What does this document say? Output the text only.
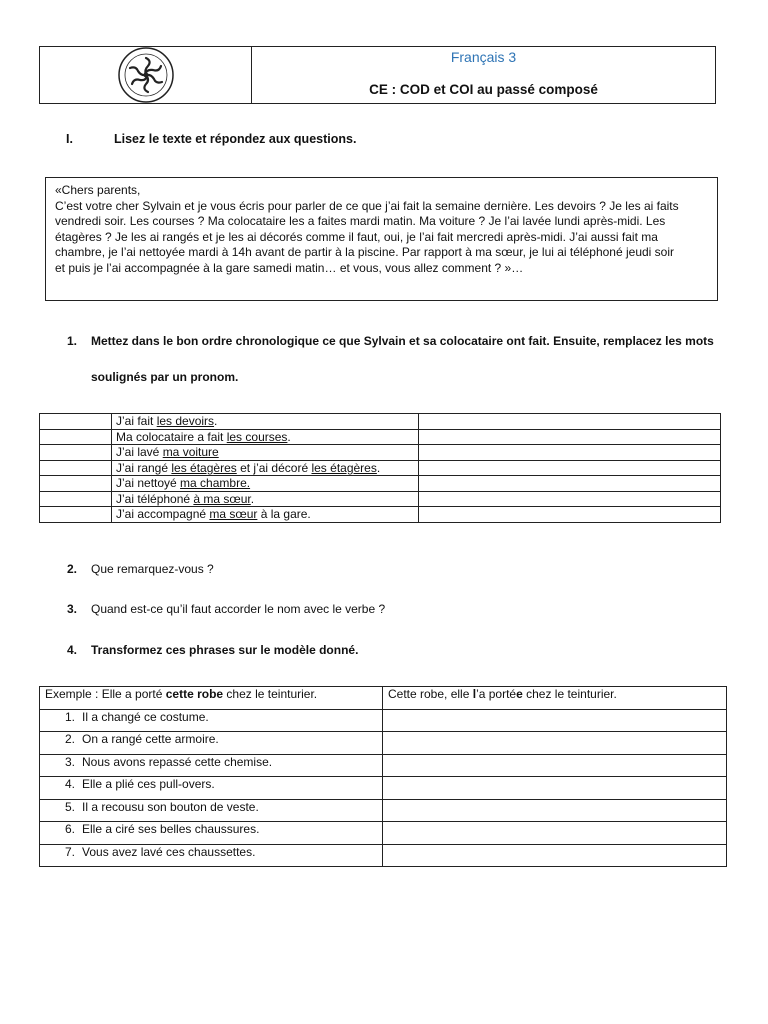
Français 3
CE : COD et COI au passé composé
I.	Lisez le texte et répondez aux questions.

«Chers parents,

C’est votre cher Sylvain et je vous écris pour parler de ce que j’ai fait la semaine dernière. Les devoirs ? Je les ai faits

vendredi soir. Les courses ? Ma colocataire les a faites mardi matin. Ma voiture ? Je l’ai lavée lundi après-midi. Les

étagères ? Je les ai rangés et je les ai décorés comme il faut, oui, je l’ai fait mercredi après-midi. J’ai aussi fait ma

chambre, je l’ai nettoyée mardi à 14h avant de partir à la piscine. Par rapport à ma sœur, je lui ai téléphoné jeudi soir

et puis je l’ai accompagnée à la gare samedi matin… et vous, vous allez comment ? »…

1. Mettez dans le bon ordre chronologique ce que Sylvain et sa colocataire ont fait. Ensuite, remplacez les mots
soulignés par un pronom.
	J’ai fait les devoirs.	
	Ma colocataire a fait les courses.	
	J’ai lavé ma voiture	
	J’ai rangé les étagères et j’ai décoré les étagères.	
	J’ai nettoyé ma chambre.	
	J’ai téléphoné à ma sœur.	
	J’ai accompagné ma sœur à la gare.	
2. Que remarquez-vous ?
3. Quand est-ce qu’il faut accorder le nom avec le verbe ?
4. Transformez ces phrases sur le modèle donné.
Exemple : Elle a porté cette robe chez le teinturier.	Cette robe, elle l’a portée chez le teinturier.
1. Il a changé ce costume.	
2. On a rangé cette armoire.	
3. Nous avons repassé cette chemise.	
4. Elle a plié ces pull-overs.	
5. Il a recousu son bouton de veste.	
6. Elle a ciré ses belles chaussures.	
7. Vous avez lavé ces chaussettes.	
